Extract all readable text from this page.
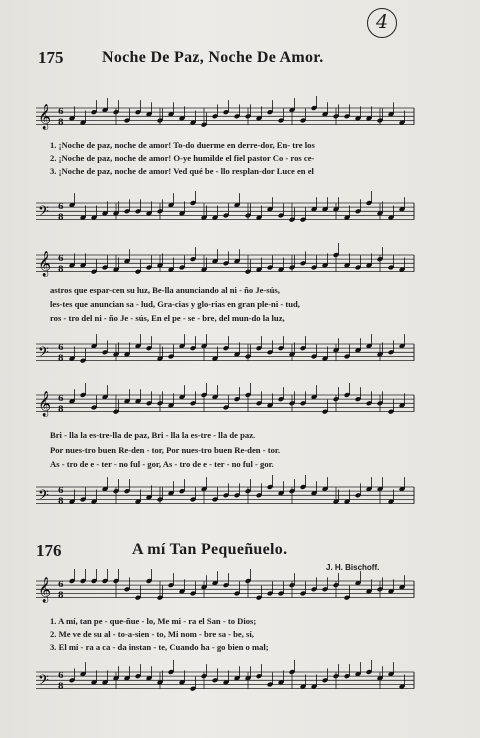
4
175 Noche De Paz, Noche De Amor.
𝄞 6
8
𝄢 6
8
𝄞 6
8
𝄢 6
8
𝄞 6
8
𝄢 6
8
𝄞 6
8
𝄢 6
8
1. ¡Noche de paz, noche de amor! To-do duerme en derre-dor, En- tre los
2. ¡Noche de paz, noche de amor! O-ye humilde el fiel pastor Co - ros ce-
3. ¡Noche de paz, noche de amor! Ved qué be - llo resplan-dor Luce en el
astros que espar-cen su luz, Be-lla anunciando al ni - ño Je-sús,
les-tes que anuncian sa - lud, Gra-cias y glo-rias en gran ple-ni - tud,
ros - tro del ni - ño Je - sús, En el pe - se - bre, del mun-do la luz,
Bri - lla la es-tre-lla de paz, Bri - lla la es-tre - lla de paz.
Por nues-tro buen Re-den - tor, Por nues-tro buen Re-den - tor.
As - tro de e - ter - no ful - gor, As - tro de e - ter - no ful - gor.
176	A mí Tan Pequeñuelo.
J. H. Bischoff.
1. A mí, tan pe - que-ñue - lo, Me mi - ra el San - to Dios;
2. Me ve de su al - to-a-sien - to, Mi nom - bre sa - be, sí,
3. El mi - ra a ca - da instan - te, Cuando ha - go bien o mal;
